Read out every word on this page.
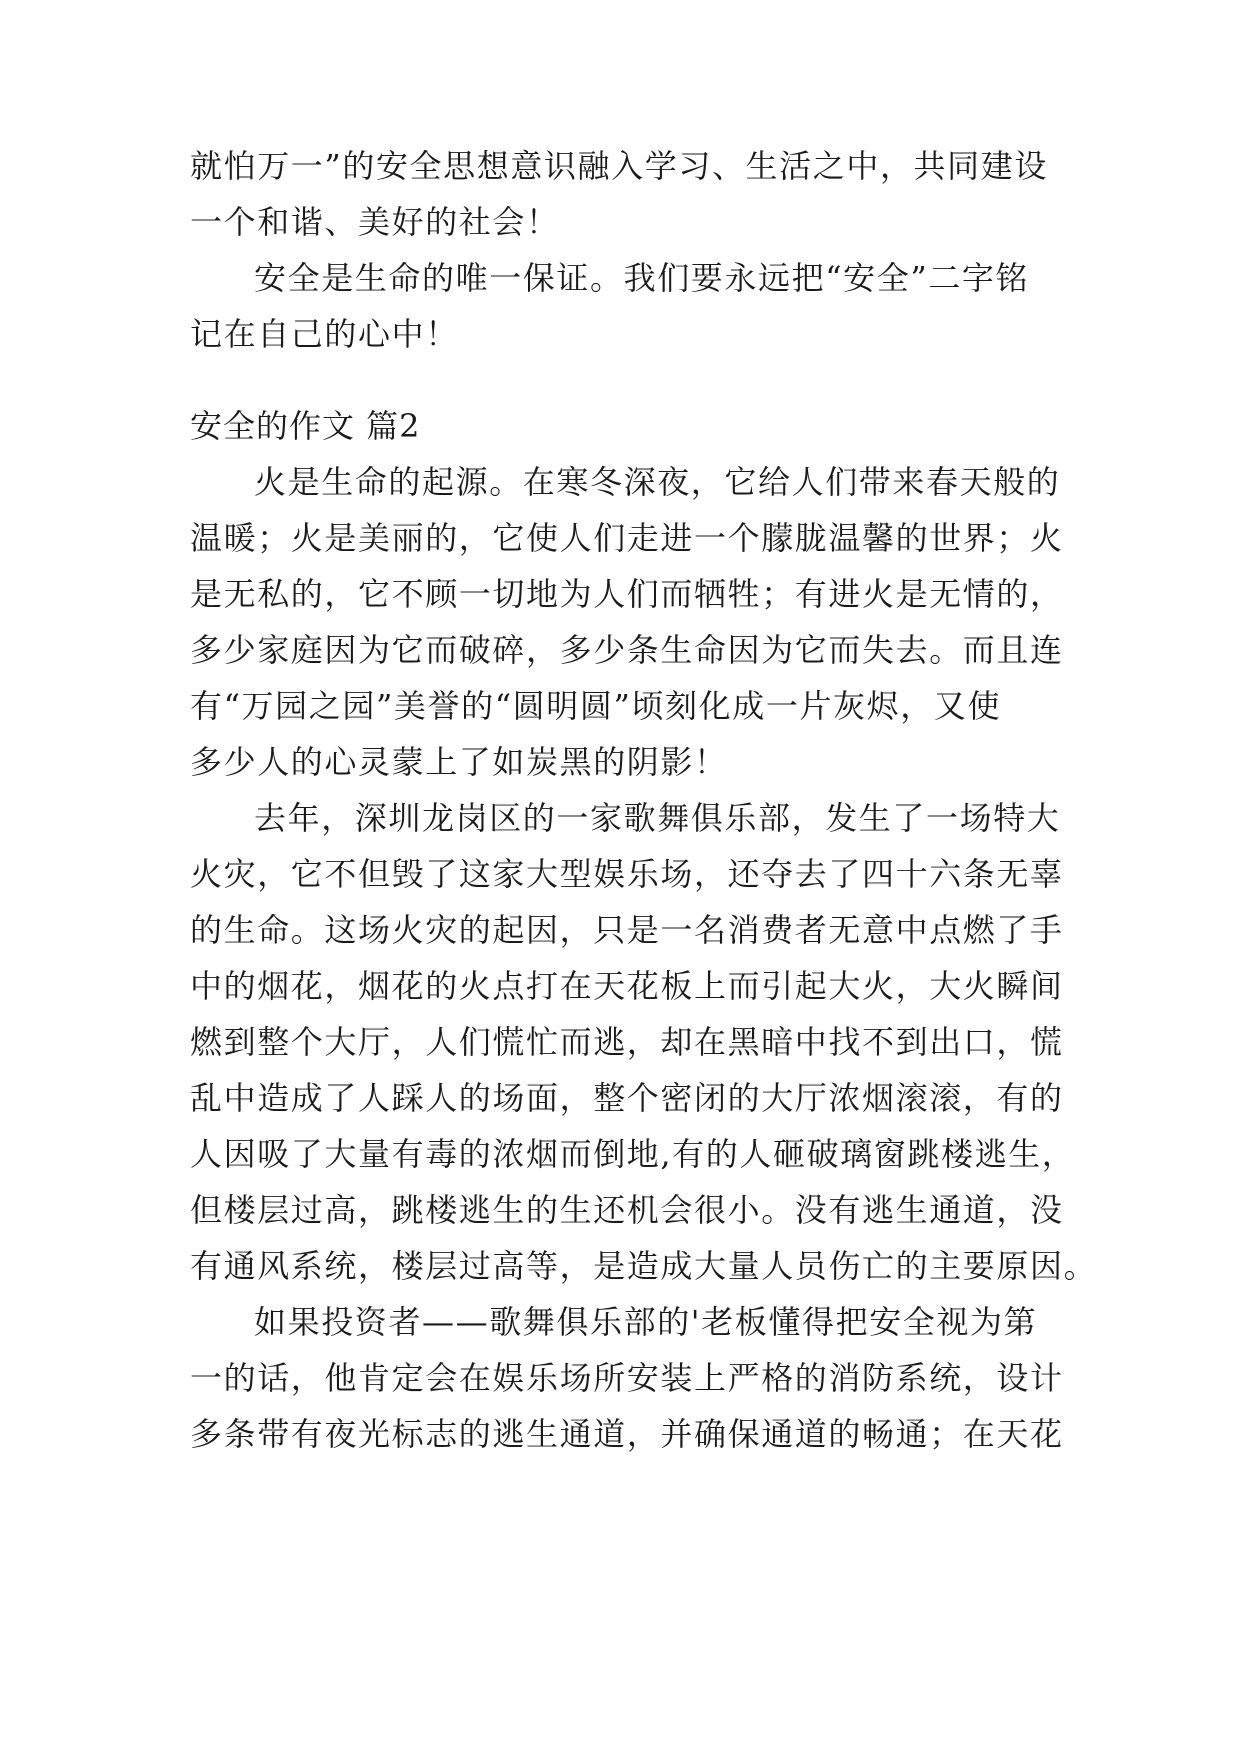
就怕万一”的安全思想意识融入学习、生活之中，共同建设
一个和谐、美好的社会！
安全是生命的唯一保证。我们要永远把“安全”二字铭
记在自己的心中！
安全的作文 篇2
火是生命的起源。在寒冬深夜，它给人们带来春天般的
温暖；火是美丽的，它使人们走进一个朦胧温馨的世界；火
是无私的，它不顾一切地为人们而牺牲；有进火是无情的，
多少家庭因为它而破碎，多少条生命因为它而失去。而且连
有“万园之园”美誉的“圆明圆”顷刻化成一片灰烬，又使
多少人的心灵蒙上了如炭黑的阴影！
去年，深圳龙岗区的一家歌舞俱乐部，发生了一场特大
火灾，它不但毁了这家大型娱乐场，还夺去了四十六条无辜
的生命。这场火灾的起因，只是一名消费者无意中点燃了手
中的烟花，烟花的火点打在天花板上而引起大火，大火瞬间
燃到整个大厅，人们慌忙而逃，却在黑暗中找不到出口，慌
乱中造成了人踩人的场面，整个密闭的大厅浓烟滚滚，有的
人因吸了大量有毒的浓烟而倒地,有的人砸破璃窗跳楼逃生，
但楼层过高，跳楼逃生的生还机会很小。没有逃生通道，没
有通风系统，楼层过高等，是造成大量人员伤亡的主要原因。
如果投资者——歌舞俱乐部的'老板懂得把安全视为第
一的话，他肯定会在娱乐场所安装上严格的消防系统，设计
多条带有夜光标志的逃生通道，并确保通道的畅通；在天花
